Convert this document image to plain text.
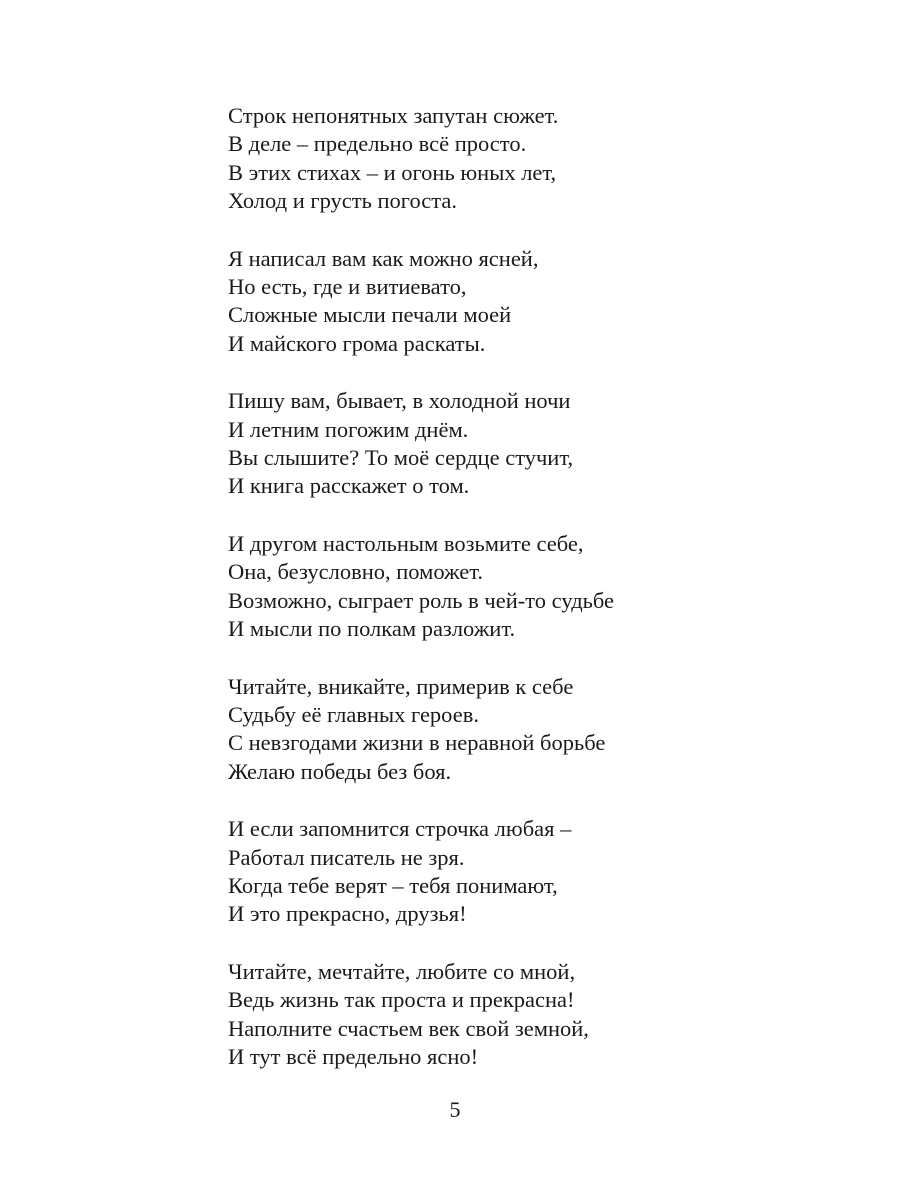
Строк непонятных запутан сюжет.
В деле – предельно всё просто.
В этих стихах – и огонь юных лет,
Холод и грусть погоста.
Я написал вам как можно ясней,
Но есть, где и витиевато,
Сложные мысли печали моей
И майского грома раскаты.
Пишу вам, бывает, в холодной ночи
И летним погожим днём.
Вы слышите? То моё сердце стучит,
И книга расскажет о том.
И другом настольным возьмите себе,
Она, безусловно, поможет.
Возможно, сыграет роль в чей-то судьбе
И мысли по полкам разложит.
Читайте, вникайте, примерив к себе
Судьбу её главных героев.
С невзгодами жизни в неравной борьбе
Желаю победы без боя.
И если запомнится строчка любая –
Работал писатель не зря.
Когда тебе верят – тебя понимают,
И это прекрасно, друзья!
Читайте, мечтайте, любите со мной,
Ведь жизнь так проста и прекрасна!
Наполните счастьем век свой земной,
И тут всё предельно ясно!
5
